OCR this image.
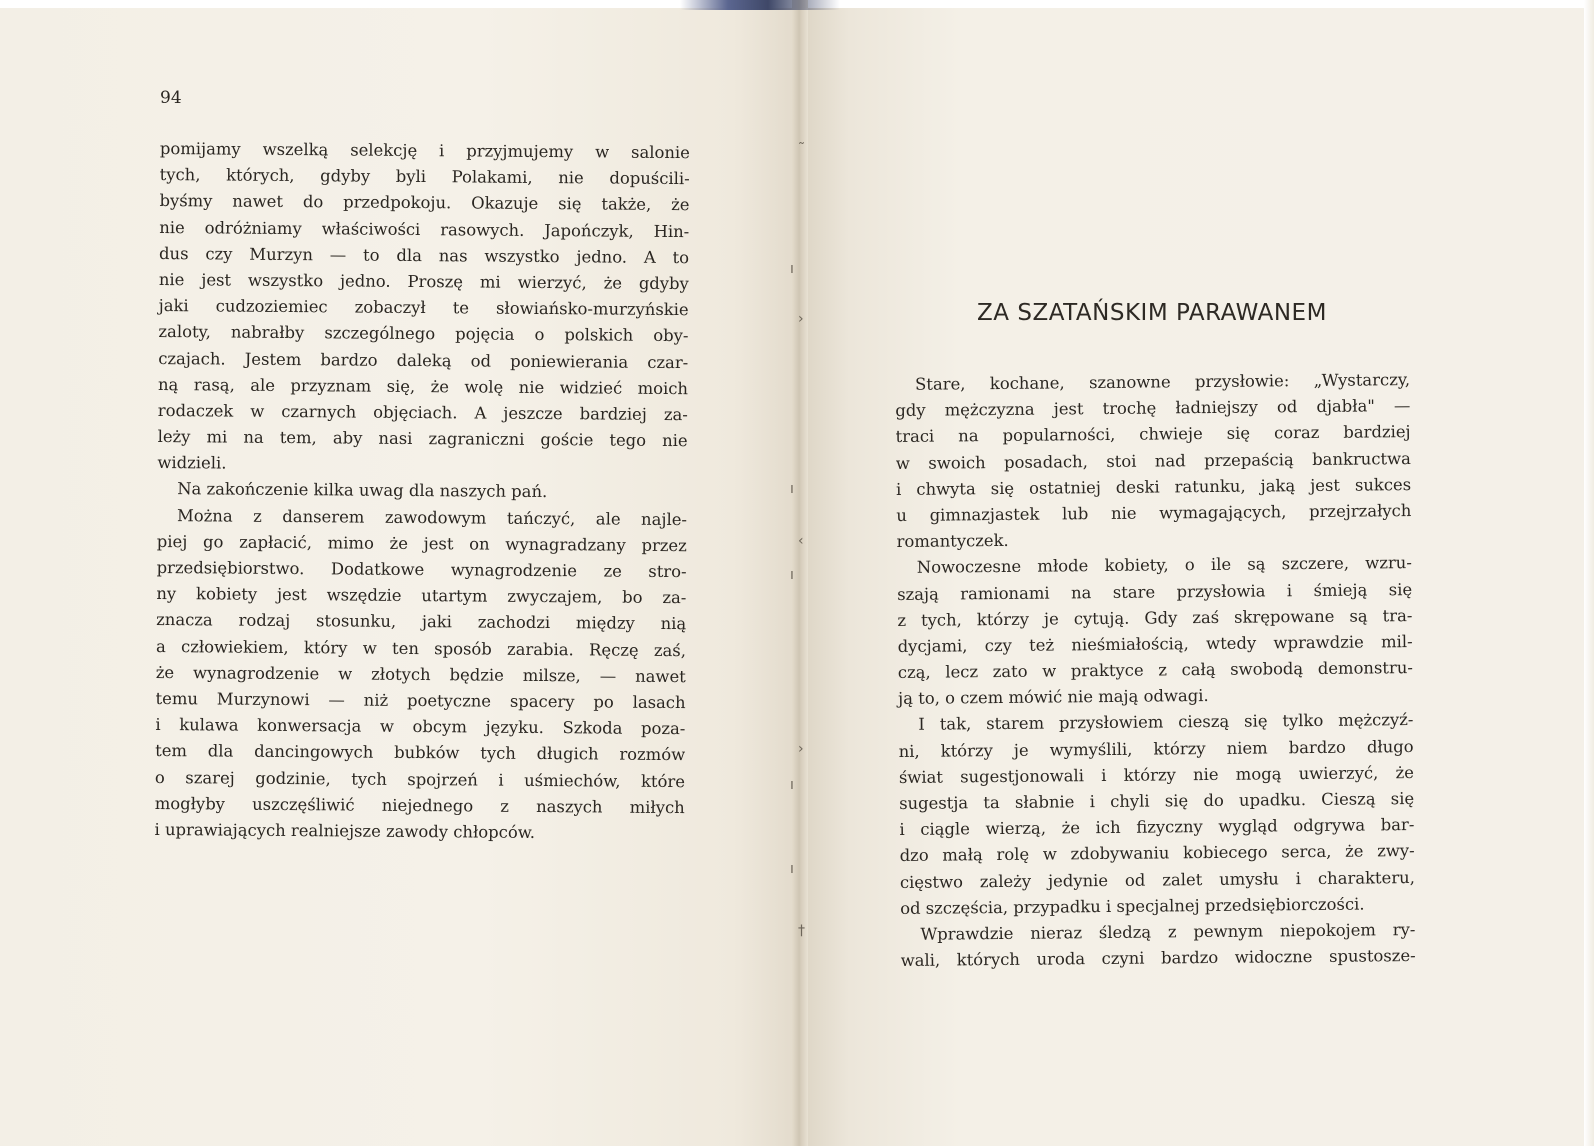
˜
ı
›
ı
‹
ı
›
ı
ı
†

94

pomijamy wszelką selekcję i przyjmujemy w salonie
tych, których, gdyby byli Polakami, nie dopuścili-
byśmy nawet do przedpokoju. Okazuje się także, że
nie odróżniamy właściwości rasowych. Japończyk, Hin-
dus czy Murzyn — to dla nas wszystko jedno. A to
nie jest wszystko jedno. Proszę mi wierzyć, że gdyby
jaki cudzoziemiec zobaczył te słowiańsko-murzyńskie
zaloty, nabrałby szczególnego pojęcia o polskich oby-
czajach. Jestem bardzo daleką od poniewierania czar-
ną rasą, ale przyznam się, że wolę nie widzieć moich
rodaczek w czarnych objęciach. A jeszcze bardziej za-
leży mi na tem, aby nasi zagraniczni goście tego nie
widzieli.
Na zakończenie kilka uwag dla naszych pań.
Można z danserem zawodowym tańczyć, ale najle-
piej go zapłacić, mimo że jest on wynagradzany przez
przedsiębiorstwo. Dodatkowe wynagrodzenie ze stro-
ny kobiety jest wszędzie utartym zwyczajem, bo za-
znacza rodzaj stosunku, jaki zachodzi między nią
a człowiekiem, który w ten sposób zarabia. Ręczę zaś,
że wynagrodzenie w złotych będzie milsze, — nawet
temu Murzynowi — niż poetyczne spacery po lasach
i kulawa konwersacja w obcym języku. Szkoda poza-
tem dla dancingowych bubków tych długich rozmów
o szarej godzinie, tych spojrzeń i uśmiechów, które
mogłyby uszczęśliwić niejednego z naszych miłych
i uprawiających realniejsze zawody chłopców.
ZA SZATAŃSKIM PARAWANEM
Stare, kochane, szanowne przysłowie: „Wystarczy,
gdy mężczyzna jest trochę ładniejszy od djabła" —
traci na popularności, chwieje się coraz bardziej
w swoich posadach, stoi nad przepaścią bankructwa
i chwyta się ostatniej deski ratunku, jaką jest sukces
u gimnazjastek lub nie wymagających, przejrzałych
romantyczek.
Nowoczesne młode kobiety, o ile są szczere, wzru-
szają ramionami na stare przysłowia i śmieją się
z tych, którzy je cytują. Gdy zaś skrępowane są tra-
dycjami, czy też nieśmiałością, wtedy wprawdzie mil-
czą, lecz zato w praktyce z całą swobodą demonstru-
ją to, o czem mówić nie mają odwagi.
I tak, starem przysłowiem cieszą się tylko mężczyź-
ni, którzy je wymyślili, którzy niem bardzo długo
świat sugestjonowali i którzy nie mogą uwierzyć, że
sugestja ta słabnie i chyli się do upadku. Cieszą się
i ciągle wierzą, że ich fizyczny wygląd odgrywa bar-
dzo małą rolę w zdobywaniu kobiecego serca, że zwy-
cięstwo zależy jedynie od zalet umysłu i charakteru,
od szczęścia, przypadku i specjalnej przedsiębiorczości.
Wprawdzie nieraz śledzą z pewnym niepokojem ry-
wali, których uroda czyni bardzo widoczne spustosze-
